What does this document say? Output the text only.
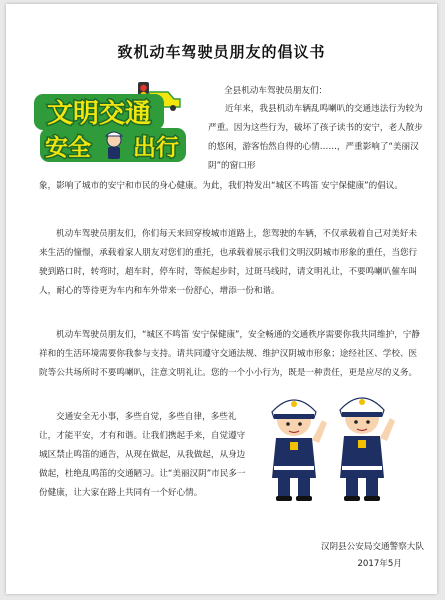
致机动车驾驶员朋友的倡议书
文明交通
安全 出行
全县机动车驾驶员朋友们：
近年来，我县机动车辆乱鸣喇叭的交通违法行为较为严重。因为这些行为，破坏了孩子读书的安宁，老人散步的悠闲，游客怡然自得的心情……，严重影响了“美丽汉阴”的窗口形
象，影响了城市的安宁和市民的身心健康。为此，我们特发出“城区不鸣笛 安宁保健康”的倡议。
机动车驾驶员朋友们，你们每天来回穿梭城市道路上，您驾驶的车辆，不仅承载着自己对美好未来生活的憧憬，承载着家人朋友对您们的重托，也承载着展示我们文明汉阴城市形象的重任，当您行驶到路口时，转弯时，超车时，停车时，等候起步时，过斑马线时，请文明礼让，不要鸣喇叭催车叫人，耐心的等待更为车内和车外带来一份舒心，增添一份和谐。
机动车驾驶员朋友们，“城区不鸣笛 安宁保健康”，安全畅通的交通秩序需要你我共同维护，宁静祥和的生活环境需要你我参与支持。请共同遵守交通法规、维护汉阴城市形象；途经社区、学校、医院等公共场所时不要鸣喇叭，注意文明礼让。您的一个小小行为，既是一种责任，更是应尽的义务。
交通安全无小事，多些自觉，多些自律，多些礼让，才能平安，才有和谐。让我们携起手来，自觉遵守城区禁止鸣笛的通告，从现在做起，从我做起，从身边做起，杜绝乱鸣笛的交通陋习。让“美丽汉阴”市民多一份健康，让大家在路上共同有一个好心情。
汉阴县公安局交通警察大队
2017年5月
